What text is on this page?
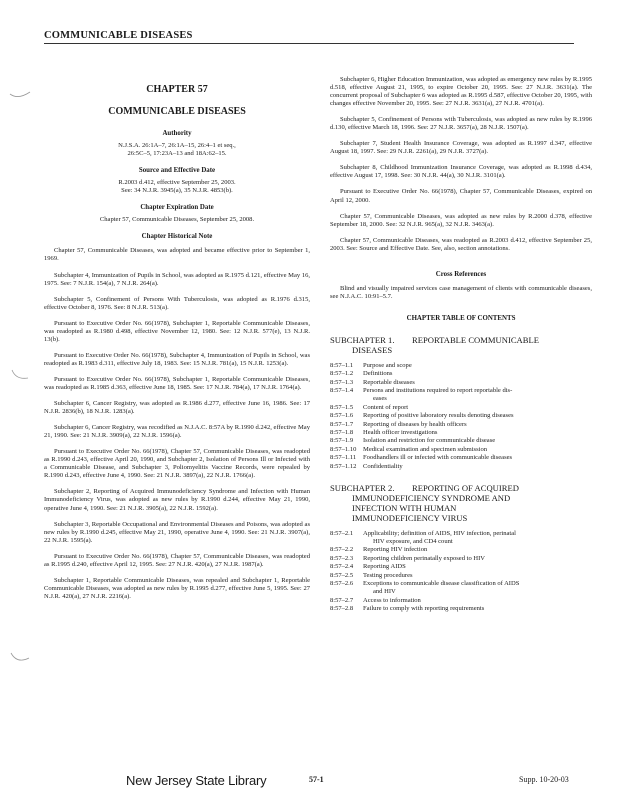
COMMUNICABLE DISEASES
CHAPTER 57
COMMUNICABLE DISEASES
Authority
N.J.S.A. 26:1A–7, 26:1A–15, 26:4–1 et seq.,
26:5C–5, 17:23A–13 and 18A:62–15.
Source and Effective Date
R.2003 d.412, effective September 25, 2003.
See: 34 N.J.R. 3945(a), 35 N.J.R. 4853(b).
Chapter Expiration Date
Chapter 57, Communicable Diseases, September 25, 2008.
Chapter Historical Note

Chapter 57, Communicable Diseases, was adopted and became effective prior to September 1, 1969.

Subchapter 4, Immunization of Pupils in School, was adopted as R.1975 d.121, effective May 16, 1975. See: 7 N.J.R. 154(a), 7 N.J.R. 264(a).

Subchapter 5, Confinement of Persons With Tuberculosis, was adopted as R.1976 d.315, effective October 8, 1976. See: 8 N.J.R. 513(a).

Pursuant to Executive Order No. 66(1978), Subchapter 1, Reportable Communicable Diseases, was readopted as R.1980 d.498, effective November 12, 1980. See: 12 N.J.R. 577(e), 13 N.J.R. 13(b).

Pursuant to Executive Order No. 66(1978), Subchapter 4, Immunization of Pupils in School, was readopted as R.1983 d.311, effective July 18, 1983. See: 15 N.J.R. 781(a), 15 N.J.R. 1253(a).

Pursuant to Executive Order No. 66(1978), Subchapter 1, Reportable Communicable Diseases, was readopted as R.1985 d.363, effective June 18, 1985. See: 17 N.J.R. 784(a), 17 N.J.R. 1764(a).

Subchapter 6, Cancer Registry, was adopted as R.1986 d.277, effective June 16, 1986. See: 17 N.J.R. 2836(b), 18 N.J.R. 1283(a).

Subchapter 6, Cancer Registry, was recodified as N.J.A.C. 8:57A by R.1990 d.242, effective May 21, 1990. See: 21 N.J.R. 3909(a), 22 N.J.R. 1596(a).

Pursuant to Executive Order No. 66(1978), Chapter 57, Communicable Diseases, was readopted as R.1990 d.243, effective April 20, 1990, and Subchapter 2, Isolation of Persons Ill or Infected with a Communicable Disease, and Subchapter 3, Poliomyelitis Vaccine Records, were repealed by R.1990 d.243, effective June 4, 1990. See: 21 N.J.R. 3897(a), 22 N.J.R. 1766(a).

Subchapter 2, Reporting of Acquired Immunodeficiency Syndrome and Infection with Human Immunodeficiency Virus, was adopted as new rules by R.1990 d.244, effective May 21, 1990, operative June 4, 1990. See: 21 N.J.R. 3905(a), 22 N.J.R. 1592(a).

Subchapter 3, Reportable Occupational and Environmental Diseases and Poisons, was adopted as new rules by R.1990 d.245, effective May 21, 1990, operative June 4, 1990. See: 21 N.J.R. 3907(a), 22 N.J.R. 1595(a).

Pursuant to Executive Order No. 66(1978), Chapter 57, Communicable Diseases, was readopted as R.1995 d.240, effective April 12, 1995. See: 27 N.J.R. 420(a), 27 N.J.R. 1987(a).

Subchapter 1, Reportable Communicable Diseases, was repealed and Subchapter 1, Reportable Communicable Diseases, was adopted as new rules by R.1995 d.277, effective June 5, 1995. See: 27 N.J.R. 420(a), 27 N.J.R. 2216(a).

Subchapter 6, Higher Education Immunization, was adopted as emergency new rules by R.1995 d.518, effective August 21, 1995, to expire October 20, 1995. See: 27 N.J.R. 3631(a). The concurrent proposal of Subchapter 6 was adopted as R.1995 d.587, effective October 20, 1995, with changes effective November 20, 1995. See: 27 N.J.R. 3631(a), 27 N.J.R. 4701(a).

Subchapter 5, Confinement of Persons with Tuberculosis, was adopted as new rules by R.1996 d.130, effective March 18, 1996. See: 27 N.J.R. 3657(a), 28 N.J.R. 1507(a).

Subchapter 7, Student Health Insurance Coverage, was adopted as R.1997 d.347, effective August 18, 1997. See: 29 N.J.R. 2261(a), 29 N.J.R. 3727(a).

Subchapter 8, Childhood Immunization Insurance Coverage, was adopted as R.1998 d.434, effective August 17, 1998. See: 30 N.J.R. 44(a), 30 N.J.R. 3101(a).

Pursuant to Executive Order No. 66(1978), Chapter 57, Communicable Diseases, expired on April 12, 2000.

Chapter 57, Communicable Diseases, was adopted as new rules by R.2000 d.378, effective September 18, 2000. See: 32 N.J.R. 965(a), 32 N.J.R. 3463(a).

Chapter 57, Communicable Diseases, was readopted as R.2003 d.412, effective September 25, 2003. See: Source and Effective Date. See, also, section annotations.

Cross References

Blind and visually impaired services case management of clients with communicable diseases, see N.J.A.C. 10:91–5.7.

CHAPTER TABLE OF CONTENTS
SUBCHAPTER 1. REPORTABLE COMMUNICABLE
DISEASES
8:57–1.1	Purpose and scope
8:57–1.2	Definitions
8:57–1.3	Reportable diseases
8:57–1.4	Persons and institutions required to report reportable dis-
eases
8:57–1.5	Content of report
8:57–1.6	Reporting of positive laboratory results denoting diseases
8:57–1.7	Reporting of diseases by health officers
8:57–1.8	Health officer investigations
8:57–1.9	Isolation and restriction for communicable disease
8:57–1.10	Medical examination and specimen submission
8:57–1.11	Foodhandlers ill or infected with communicable diseases
8:57–1.12	Confidentiality
SUBCHAPTER 2. REPORTING OF ACQUIRED
IMMUNODEFICIENCY SYNDROME AND
INFECTION WITH HUMAN
IMMUNODEFICIENCY VIRUS
8:57–2.1	Applicability; definition of AIDS, HIV infection, perinatal
HIV exposure, and CD4 count
8:57–2.2	Reporting HIV infection
8:57–2.3	Reporting children perinatally exposed to HIV
8:57–2.4	Reporting AIDS
8:57–2.5	Testing procedures
8:57–2.6	Exceptions to communicable disease classification of AIDS
and HIV
8:57–2.7	Access to information
8:57–2.8	Failure to comply with reporting requirements
New Jersey State Library	57-1	Supp. 10-20-03
